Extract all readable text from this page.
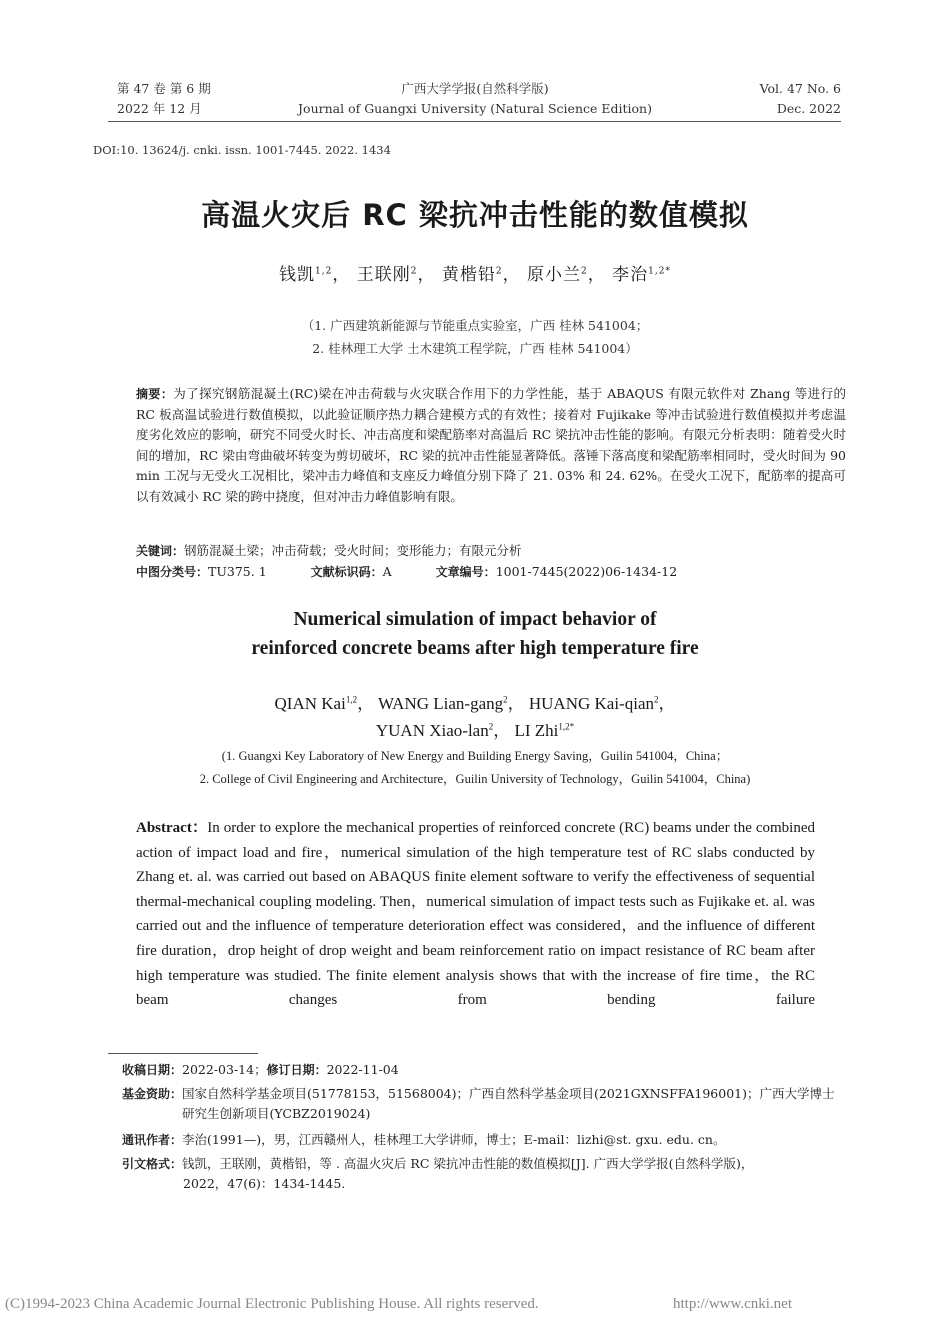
第 47 卷 第 6 期
2022 年 12 月
广西大学学报(自然科学版)
Journal of Guangxi University (Natural Science Edition)
Vol. 47 No. 6
Dec. 2022
DOI:10. 13624/j. cnki. issn. 1001-7445. 2022. 1434
高温火灾后 RC 梁抗冲击性能的数值模拟
钱凯$^{1,2}$， 王联刚$^2$， 黄楷铅$^2$， 原小兰$^2$， 李治$^{1,2*}$
（1. 广西建筑新能源与节能重点实验室，广西 桂林 541004；
2. 桂林理工大学 土木建筑工程学院，广西 桂林 541004）
摘要：为了探究钢筋混凝土(RC)梁在冲击荷载与火灾联合作用下的力学性能，基于 ABAQUS 有限元软件对 Zhang 等进行的 RC 板高温试验进行数值模拟，以此验证顺序热力耦合建模方式的有效性；接着对 Fujikake 等冲击试验进行数值模拟并考虑温度劣化效应的影响，研究不同受火时长、冲击高度和梁配筋率对高温后 RC 梁抗冲击性能的影响。有限元分析表明：随着受火时间的增加，RC 梁由弯曲破坏转变为剪切破坏，RC 梁的抗冲击性能显著降低。落锤下落高度和梁配筋率相同时，受火时间为 90 min 工况与无受火工况相比，梁冲击力峰值和支座反力峰值分别下降了 21. 03% 和 24. 62%。在受火工况下，配筋率的提高可以有效减小 RC 梁的跨中挠度，但对冲击力峰值影响有限。
关键词：钢筋混凝土梁；冲击荷载；受火时间；变形能力；有限元分析
中图分类号：TU375. 1	文献标识码：A	文章编号：1001-7445(2022)06-1434-12
Numerical simulation of impact behavior of
reinforced concrete beams after high temperature fire
QIAN Kai$^{1,2}$， WANG Lian-gang$^2$， HUANG Kai-qian$^2$，
YUAN Xiao-lan$^2$， LI Zhi$^{1,2*}$
(1. Guangxi Key Laboratory of New Energy and Building Energy Saving，Guilin 541004，China；
2. College of Civil Engineering and Architecture，Guilin University of Technology，Guilin 541004，China)
Abstract：In order to explore the mechanical properties of reinforced concrete (RC) beams under the combined action of impact load and fire，numerical simulation of the high temperature test of RC slabs conducted by Zhang et. al. was carried out based on ABAQUS finite element software to verify the effectiveness of sequential thermal-mechanical coupling modeling. Then，numerical simulation of impact tests such as Fujikake et. al. was carried out and the influence of temperature deterioration effect was considered，and the influence of different fire duration，drop height of drop weight and beam reinforcement ratio on impact resistance of RC beam after high temperature was studied. The finite element analysis shows that with the increase of fire time，the RC beam changes from bending failure
收稿日期：2022-03-14；修订日期：2022-11-04
基金资助： 国家自然科学基金项目(51778153，51568004)；广西自然科学基金项目(2021GXNSFFA196001)；广西大学博士研究生创新项目(YCBZ2019024)
通讯作者：李治(1991—)，男，江西赣州人，桂林理工大学讲师，博士；E-mail：lizhi@st. gxu. edu. cn。
引文格式：钱凯，王联刚，黄楷铅，等 . 高温火灾后 RC 梁抗冲击性能的数值模拟[J]. 广西大学学报(自然科学版)，
2022，47(6)：1434-1445.
(C)1994-2023 China Academic Journal Electronic Publishing House. All rights reserved.	http://www.cnki.net
